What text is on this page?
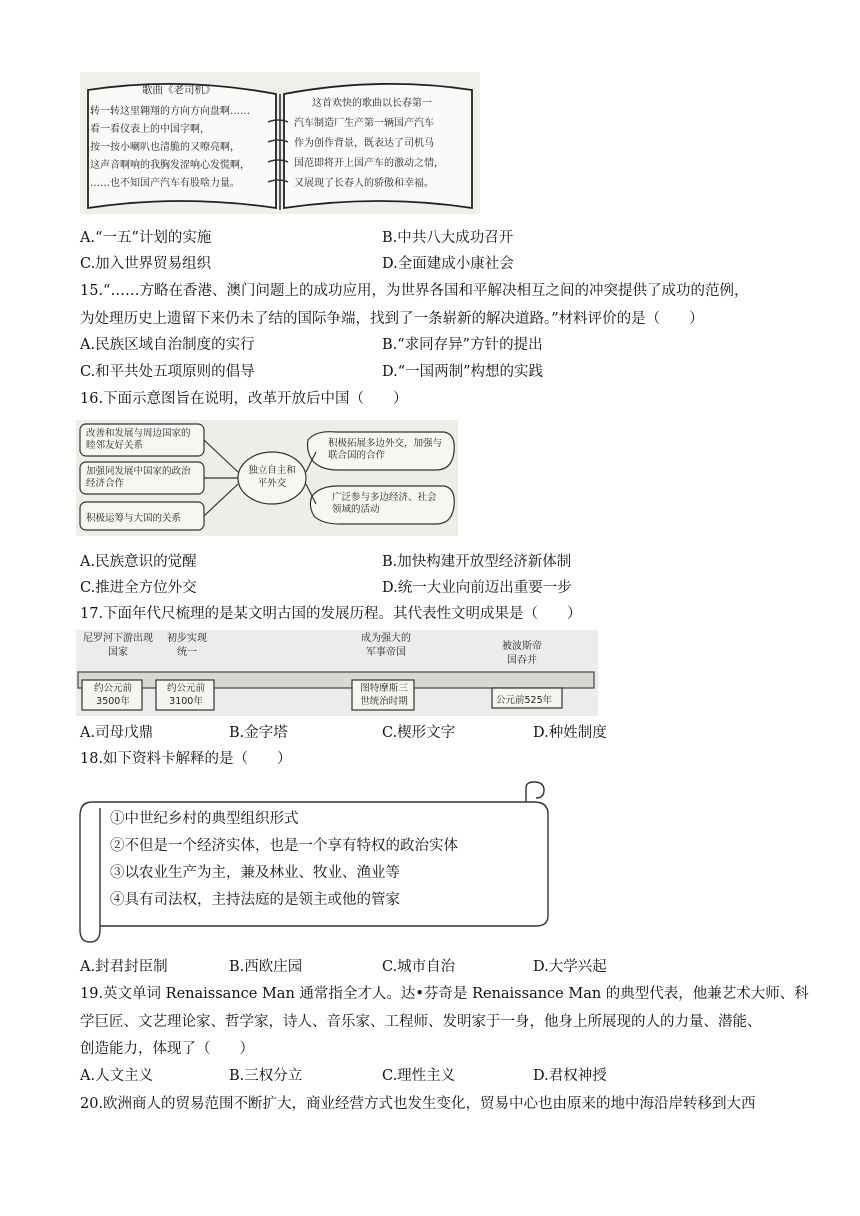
歌曲《老司机》
转一转这里翱翔的方向方向盘啊……
看一看仪表上的中国字啊，
按一按小喇叭也清脆的又嘹亮啊，
这声音啊响的我胸发涩响心发慌啊，
……也不知国产汽车有股啥力量。
这首欢快的歌曲以长春第一
汽车制造厂生产第一辆国产汽车
作为创作背景，既表达了司机马
国范即将开上国产车的激动之情，
又展现了长春人的骄傲和幸福。
A.“一五”计划的实施	B.中共八大成功召开
C.加入世界贸易组织	D.全面建成小康社会
15.“……方略在香港、澳门问题上的成功应用，为世界各国和平解决相互之间的冲突提供了成功的范例，
为处理历史上遗留下来仍未了结的国际争端，找到了一条崭新的解决道路。”材料评价的是（　　）
A.民族区域自治制度的实行	B.“求同存异”方针的提出
C.和平共处五项原则的倡导	D.“一国两制”构想的实践
16.下面示意图旨在说明，改革开放后中国（　　）
改善和发展与周边国家的睦邻友好关系
加强同发展中国家的政治经济合作
积极运筹与大国的关系
独立自主和平外交
积极拓展多边外交，加强与联合国的合作
广泛参与多边经济、社会领域的活动
A.民族意识的觉醒	B.加快构建开放型经济新体制
C.推进全方位外交	D.统一大业向前迈出重要一步
17.下面年代尺梳理的是某文明古国的发展历程。其代表性文明成果是（　　）
尼罗河下游出现国家
初步实现统一
成为强大的军事帝国
被波斯帝国吞并
约公元前3500年
约公元前3100年
图特摩斯三世统治时期	公元前525年
A.司母戊鼎	B.金字塔	C.楔形文字	D.种姓制度
18.如下资料卡解释的是（　　）
①中世纪乡村的典型组织形式
②不但是一个经济实体，也是一个享有特权的政治实体
③以农业生产为主，兼及林业、牧业、渔业等
④具有司法权，主持法庭的是领主或他的管家
A.封君封臣制	B.西欧庄园	C.城市自治	D.大学兴起
19.英文单词 Renaissance Man 通常指全才人。达•芬奇是 Renaissance Man 的典型代表，他兼艺术大师、科
学巨匠、文艺理论家、哲学家，诗人、音乐家、工程师、发明家于一身，他身上所展现的人的力量、潜能、
创造能力，体现了（　　）
A.人文主义	B.三权分立	C.理性主义	D.君权神授
20.欧洲商人的贸易范围不断扩大，商业经营方式也发生变化，贸易中心也由原来的地中海沿岸转移到大西
